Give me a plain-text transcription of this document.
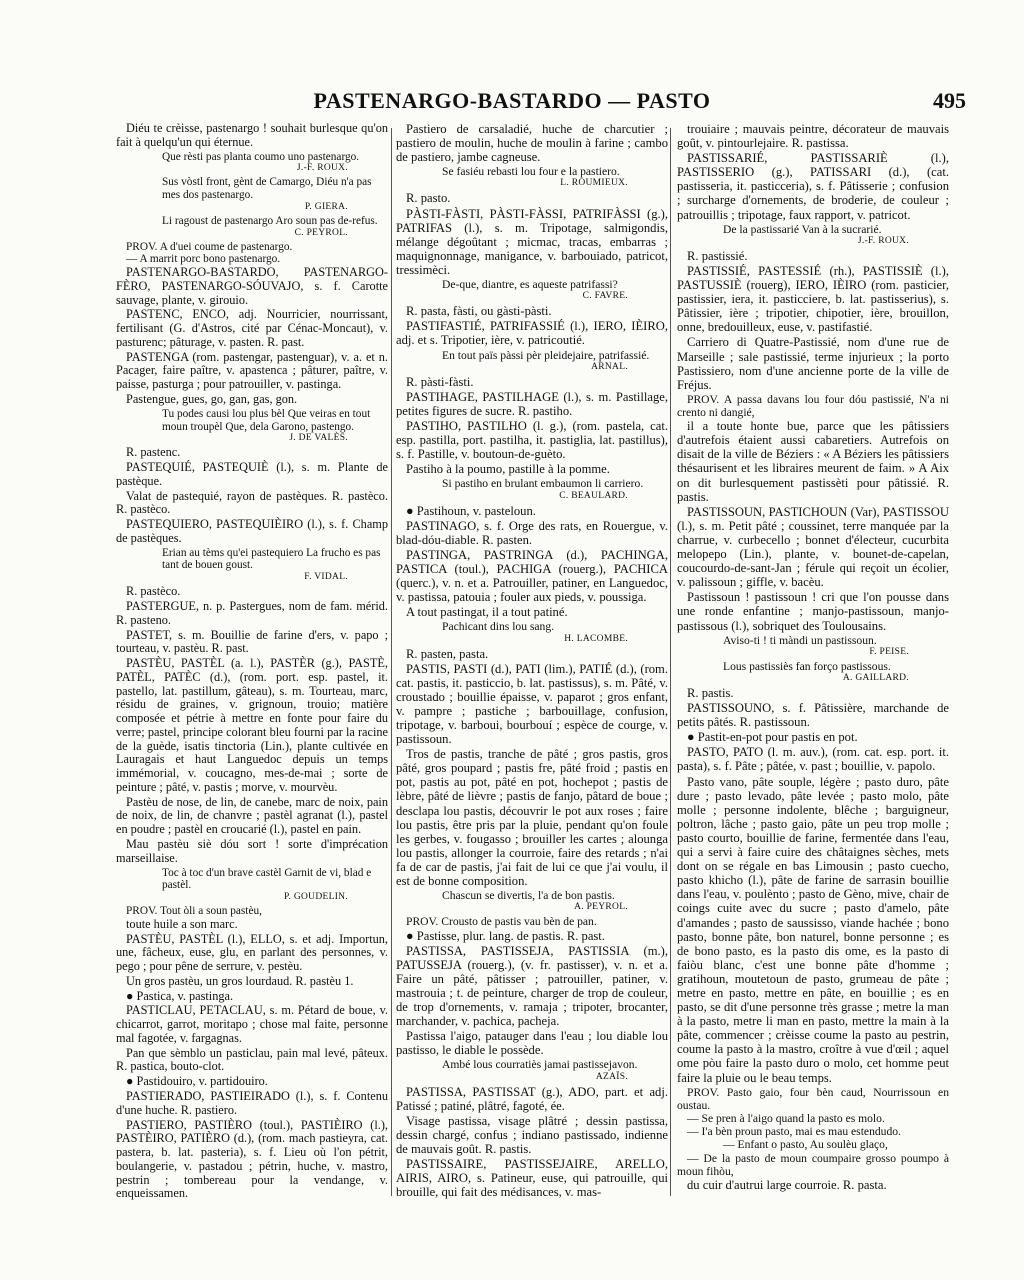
PASTENARGO-BASTARDO — PASTO	495
Diéu te crèisse, pastenargo ! souhait burlesque qu'on fait à quelqu'un qui éternue.
Que rèsti pas planta coumo uno pastenargo.
J.-F. ROUX.
Sus vòstl front, gènt de Camargo, Diéu n'a pas mes dos pastenargo.
P. GIERA.
Li ragoust de pastenargo Aro soun pas de-refus.
C. PEYROL.
PROV. A d'uei coume de pastenargo.
— A marrit porc bono pastenargo.
PASTENARGO-BASTARDO, PASTENARGO-FÈRO, PASTENARGO-SÓUVAJO, s. f. Carotte sauvage, plante, v. girouio.
PASTENC, ENCO, adj. Nourricier, nourrissant, fertilisant (G. d'Astros, cité par Cénac-Moncaut), v. pasturenc; pâturage, v. pasten. R. past.
PASTENGA (rom. pastengar, pastenguar), v. a. et n. Pacager, faire paître, v. apastenca ; pâturer, paître, v. paisse, pasturga ; pour patrouiller, v. pastinga.
Pastengue, gues, go, gan, gas, gon.
Tu podes causi lou plus bèl Que veiras en tout moun troupèl Que, dela Garono, pastengo.
J. DE VALÈS.
R. pastenc.
PASTEQUIÉ, PASTEQUIÈ (l.), s. m. Plante de pastèque.
Valat de pastequié, rayon de pastèques. R. pastèco. R. pastèco.
PASTEQUIERO, PASTEQUIÈIRO (l.), s. f. Champ de pastèques.
Erian au tèms qu'ei pastequiero La frucho es pas tant de bouen goust.
F. VIDAL.
R. pastèco.
PASTERGUE, n. p. Pastergues, nom de fam. mérid. R. pasteno.
PASTET, s. m. Bouillie de farine d'ers, v. papo ; tourteau, v. pastèu. R. past.
PASTÈU, PASTÈL (a. l.), PASTÈR (g.), PASTÈ, PATÈL, PATÈC (d.), (rom. port. esp. pastel, it. pastello, lat. pastillum, gâteau), s. m. Tourteau, marc, résidu de graines, v. grignoun, trouio; matière composée et pétrie à mettre en fonte pour faire du verre; pastel, principe colorant bleu fourni par la racine de la guède, isatis tinctoria (Lin.), plante cultivée en Lauragais et haut Languedoc depuis un temps immémorial, v. coucagno, mes-de-mai ; sorte de peinture ; pâté, v. pastis ; morve, v. mourvèu.
Pastèu de nose, de lin, de canebe, marc de noix, pain de noix, de lin, de chanvre ; pastèl agranat (l.), pastel en poudre ; pastèl en croucarié (l.), pastel en pain.
Mau pastèu siè dóu sort ! sorte d'imprécation marseillaise.
Toc à toc d'un brave castèl Garnit de vi, blad e pastèl.
P. GOUDELIN.
PROV. Tout òli a soun pastèu,
toute huile a son marc.
PASTÈU, PASTÈL (l.), ELLO, s. et adj. Importun, une, fâcheux, euse, glu, en parlant des personnes, v. pego ; pour pêne de serrure, v. pestèu.
Un gros pastèu, un gros lourdaud. R. pastèu 1.
● Pastica, v. pastinga.
PASTICLAU, PETACLAU, s. m. Pétard de boue, v. chicarrot, garrot, moritapo ; chose mal faite, personne mal fagotée, v. fargagnas.
Pan que sèmblo un pasticlau, pain mal levé, pâteux. R. pastica, bouto-clot.
● Pastidouiro, v. partidouiro.
PASTIERADO, PASTIEIRADO (l.), s. f. Contenu d'une huche. R. pastiero.
PASTIERO, PASTIÈRO (toul.), PASTIÈIRO (l.), PASTÈIRO, PATIÈRO (d.), (rom. mach pastieyra, cat. pastera, b. lat. pasteria), s. f. Lieu où l'on pétrit, boulangerie, v. pastadou ; pétrin, huche, v. mastro, pestrin ; tombereau pour la vendange, v. enqueissamen.
Pastiero de carsaladié, huche de charcutier ; pastiero de moulin, huche de moulin à farine ; cambo de pastiero, jambe cagneuse.
Se fasiéu rebasti lou four e la pastiero.
L. ROUMIEUX.
R. pasto.
PÀSTI-FÀSTI, PÀSTI-FÀSSI, PATRIFÀSSI (g.), PATRIFAS (l.), s. m. Tripotage, salmigondis, mélange dégoûtant ; micmac, tracas, embarras ; maquignonnage, manigance, v. barbouiado, patricot, tressimèci.
De-que, diantre, es aqueste patrifassi?
C. FAVRE.
R. pasta, fàsti, ou gàsti-pàsti.
PASTIFASTIÉ, PATRIFASSIÉ (l.), IERO, IÈIRO, adj. et s. Tripotier, ière, v. patricoutié.
En tout païs pàssi pèr pleidejaire, patrifassié.
ARNAL.
R. pàsti-fàsti.
PASTIHAGE, PASTILHAGE (l.), s. m. Pastillage, petites figures de sucre. R. pastiho.
PASTIHO, PASTILHO (l. g.), (rom. pastela, cat. esp. pastilla, port. pastilha, it. pastiglia, lat. pastillus), s. f. Pastille, v. boutoun-de-guèto.
Pastiho à la poumo, pastille à la pomme.
Si pastiho en brulant embaumon li carriero.
C. BEAULARD.
● Pastihoun, v. pasteloun.
PASTINAGO, s. f. Orge des rats, en Rouergue, v. blad-dóu-diable. R. pasten.
PASTINGA, PASTRINGA (d.), PACHINGA, PASTICA (toul.), PACHIGA (rouerg.), PACHICA (querc.), v. n. et a. Patrouiller, patiner, en Languedoc, v. pastissa, patouia ; fouler aux pieds, v. poussiga.
A tout pastingat, il a tout patiné.
Pachicant dins lou sang.
H. LACOMBE.
R. pasten, pasta.
PASTIS, PASTI (d.), PATI (lim.), PATIÉ (d.), (rom. cat. pastis, it. pasticcio, b. lat. pastissus), s. m. Pâté, v. croustado ; bouillie épaisse, v. paparot ; gros enfant, v. pampre ; pastiche ; barbouillage, confusion, tripotage, v. barboui, bourbouí ; espèce de courge, v. pastissoun.
Tros de pastis, tranche de pâté ; gros pastis, gros pâté, gros poupard ; pastis fre, pâté froid ; pastis en pot, pastis au pot, pâté en pot, hochepot ; pastis de lèbre, pâté de lièvre ; pastis de fanjo, pâtard de boue ; desclapa lou pastis, découvrir le pot aux roses ; faire lou pastis, être pris par la pluie, pendant qu'on foule les gerbes, v. fougasso ; brouiller les cartes ; alounga lou pastis, allonger la courroie, faire des retards ; n'ai fa de car de pastis, j'ai fait de lui ce que j'ai voulu, il est de bonne composition.
Chascun se divertis, l'a de bon pastis.
A. PEYROL.
PROV. Crousto de pastis vau bèn de pan.
● Pastisse, plur. lang. de pastis. R. past.
PASTISSA, PASTISSEJA, PASTISSIA (m.), PATUSSEJA (rouerg.), (v. fr. pastisser), v. n. et a. Faire un pâté, pâtisser ; patrouiller, patiner, v. mastrouia ; t. de peinture, charger de trop de couleur, de trop d'ornements, v. ramaja ; tripoter, brocanter, marchander, v. pachica, pacheja.
Pastissa l'aigo, patauger dans l'eau ; lou diable lou pastisso, le diable le possède.
Ambé lous courratiès jamai pastissejavon.
AZAÏS.
PASTISSA, PASTISSAT (g.), ADO, part. et adj. Patissé ; patiné, plâtré, fagoté, ée.
Visage pastissa, visage plâtré ; dessin pastissa, dessin chargé, confus ; indiano pastissado, indienne de mauvais goût. R. pastis.
PASTISSAIRE, PASTISSEJAIRE, ARELLO, AIRIS, AIRO, s. Patineur, euse, qui patrouille, qui brouille, qui fait des médisances, v. mas-
trouiaire ; mauvais peintre, décorateur de mauvais goût, v. pintourlejaire. R. pastissa.
PASTISSARIÉ, PASTISSARIÈ (l.), PASTISSERIO (g.), PATISSARI (d.), (cat. pastisseria, it. pasticceria), s. f. Pâtisserie ; confusion ; surcharge d'ornements, de broderie, de couleur ; patrouillis ; tripotage, faux rapport, v. patricot.
De la pastissarié Van à la sucrarié.
J.-F. ROUX.
R. pastissié.
PASTISSIÉ, PASTESSIÉ (rh.), PASTISSIÈ (l.), PASTUSSIÈ (rouerg), IERO, IÈIRO (rom. pasticier, pastissier, iera, it. pasticciere, b. lat. pastisserius), s. Pâtissier, ière ; tripotier, chipotier, ière, brouillon, onne, bredouilleux, euse, v. pastifastié.
Carriero di Quatre-Pastissié, nom d'une rue de Marseille ; sale pastissié, terme injurieux ; la porto Pastissiero, nom d'une ancienne porte de la ville de Fréjus.
PROV. A passa davans lou four dóu pastissié, N'a ni crento ni dangié,
il a toute honte bue, parce que les pâtissiers d'autrefois étaient aussi cabaretiers. Autrefois on disait de la ville de Béziers : « A Béziers les pâtissiers thésaurisent et les libraires meurent de faim. » A Aix on dit burlesquement pastissèti pour pâtissié. R. pastis.
PASTISSOUN, PASTICHOUN (Var), PASTISSOU (l.), s. m. Petit pâté ; coussinet, terre manquée par la charrue, v. curbecello ; bonnet d'électeur, cucurbita melopepo (Lin.), plante, v. bounet-de-capelan, coucourdo-de-sant-Jan ; férule qui reçoit un écolier, v. palissoun ; giffle, v. bacèu.
Pastissoun ! pastissoun ! cri que l'on pousse dans une ronde enfantine ; manjo-pastissoun, manjo-pastissous (l.), sobriquet des Toulousains.
Aviso-ti ! ti màndi un pastissoun.
F. PEISE.
Lous pastissiès fan forço pastissous.
A. GAILLARD.
R. pastis.
PASTISSOUNO, s. f. Pâtissière, marchande de petits pâtés. R. pastissoun.
● Pastit-en-pot pour pastis en pot.
PASTO, PATO (l. m. auv.), (rom. cat. esp. port. it. pasta), s. f. Pâte ; pâtée, v. past ; bouillie, v. papolo.
Pasto vano, pâte souple, légère ; pasto duro, pâte dure ; pasto levado, pâte levée ; pasto molo, pâte molle ; personne indolente, blêche ; barguigneur, poltron, lâche ; pasto gaio, pâte un peu trop molle ; pasto courto, bouillie de farine, fermentée dans l'eau, qui a servi à faire cuire des châtaignes sèches, mets dont on se régale en bas Limousin ; pasto cuecho, pasto khicho (l.), pâte de farine de sarrasin bouillie dans l'eau, v. poulènto ; pasto de Gèno, mive, chair de coings cuite avec du sucre ; pasto d'amelo, pâte d'amandes ; pasto de saussisso, viande hachée ; bono pasto, bonne pâte, bon naturel, bonne personne ; es de bono pasto, es la pasto dis ome, es la pasto di faiòu blanc, c'est une bonne pâte d'homme ; gratihoun, moutetoun de pasto, grumeau de pâte ; metre en pasto, mettre en pâte, en bouillie ; es en pasto, se dit d'une personne très grasse ; metre la man à la pasto, metre li man en pasto, mettre la main à la pâte, commencer ; crèisse coume la pasto au pestrin, coume la pasto à la mastro, croître à vue d'œil ; aquel ome pòu faire la pasto duro o molo, cet homme peut faire la pluie ou le beau temps.
PROV. Pasto gaio, four bèn caud, Nourrissoun en oustau.
— Se pren à l'aigo quand la pasto es molo.
— I'a bèn proun pasto, mai es mau estendudo.
— Enfant o pasto, Au soulèu glaço,
— De la pasto de moun coumpaire grosso poumpo à moun fihòu,
du cuir d'autrui large courroie. R. pasta.
